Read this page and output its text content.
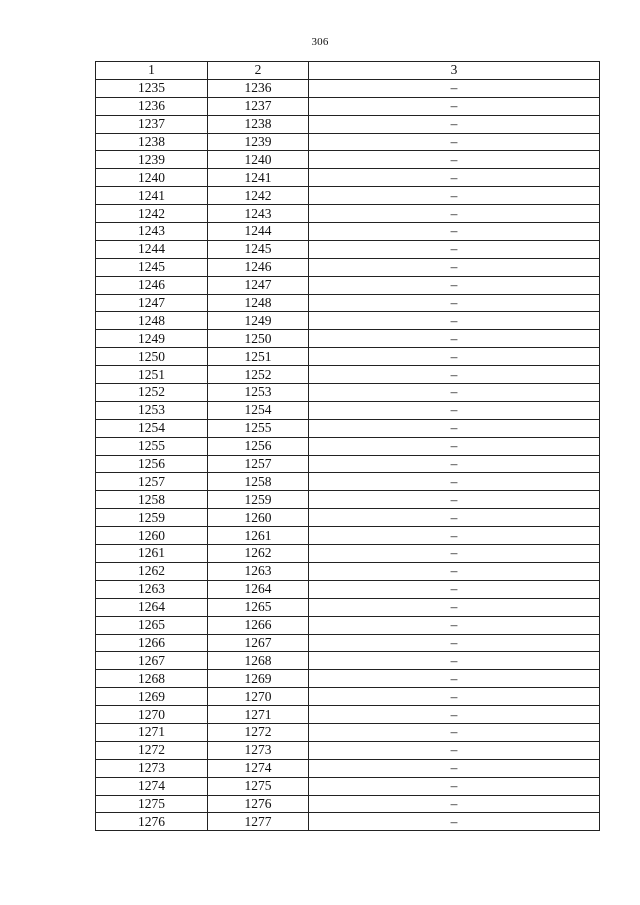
306
1	2	3
1235	1236	–
1236	1237	–
1237	1238	–
1238	1239	–
1239	1240	–
1240	1241	–
1241	1242	–
1242	1243	–
1243	1244	–
1244	1245	–
1245	1246	–
1246	1247	–
1247	1248	–
1248	1249	–
1249	1250	–
1250	1251	–
1251	1252	–
1252	1253	–
1253	1254	–
1254	1255	–
1255	1256	–
1256	1257	–
1257	1258	–
1258	1259	–
1259	1260	–
1260	1261	–
1261	1262	–
1262	1263	–
1263	1264	–
1264	1265	–
1265	1266	–
1266	1267	–
1267	1268	–
1268	1269	–
1269	1270	–
1270	1271	–
1271	1272	–
1272	1273	–
1273	1274	–
1274	1275	–
1275	1276	–
1276	1277	–
